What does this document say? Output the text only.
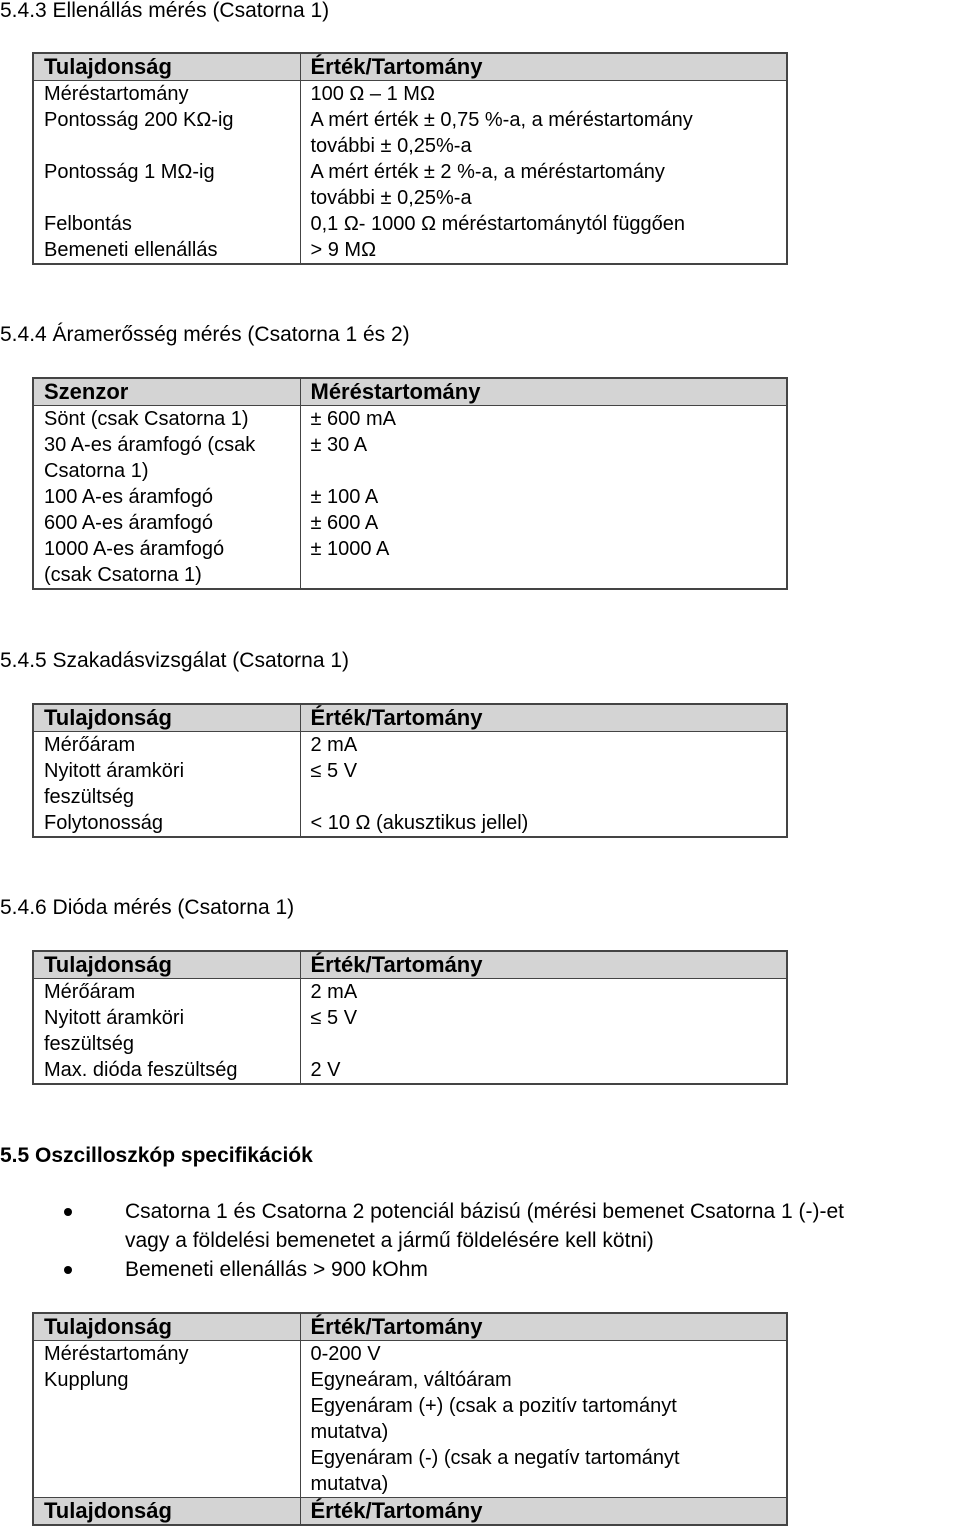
5.4.3 Ellenállás mérés (Csatorna 1)
Tulajdonság	Érték/Tartomány
Méréstartomány	100 Ω – 1 MΩ

Pontosság 200 KΩ-ig	A mért érték ± 0,75 %-a, a méréstartomány
további ± 0,25%-a

Pontosság 1 MΩ-ig	A mért érték ± 2 %-a, a méréstartomány
további ± 0,25%-a

Felbontás	0,1 Ω- 1000 Ω méréstartománytól függően

Bemeneti ellenállás	> 9 MΩ
5.4.4 Áramerősség mérés (Csatorna 1 és 2)
Szenzor	Méréstartomány

Sönt (csak Csatorna 1)	± 600 mA

30 A-es áramfogó (csak
Csatorna 1)	± 30 A

100 A-es áramfogó	± 100 A

600 A-es áramfogó	± 600 A

1000 A-es áramfogó
(csak Csatorna 1)	± 1000 A
5.4.5 Szakadásvizsgálat (Csatorna 1)
Tulajdonság	Érték/Tartomány

Mérőáram	2 mA

Nyitott áramköri
feszültség	≤ 5 V

Folytonosság	< 10 Ω (akusztikus jellel)
5.4.6 Dióda mérés (Csatorna 1)
Tulajdonság	Érték/Tartomány

Mérőáram	2 mA

Nyitott áramköri
feszültség	≤ 5 V

Max. dióda feszültség	2 V
5.5 Oszcilloszkóp specifikációk
Csatorna 1 és Csatorna 2 potenciál bázisú (mérési bemenet Csatorna 1 (-)-et
vagy a földelési bemenetet a jármű földelésére kell kötni)
Bemeneti ellenállás > 900 kOhm
Tulajdonság	Érték/Tartomány

Méréstartomány	0-200 V

Kupplung	Egyneáram, váltóáram
Egyenáram (+) (csak a pozitív tartományt
mutatva)
Egyenáram (-) (csak a negatív tartományt
mutatva)

Tulajdonság	Érték/Tartomány
